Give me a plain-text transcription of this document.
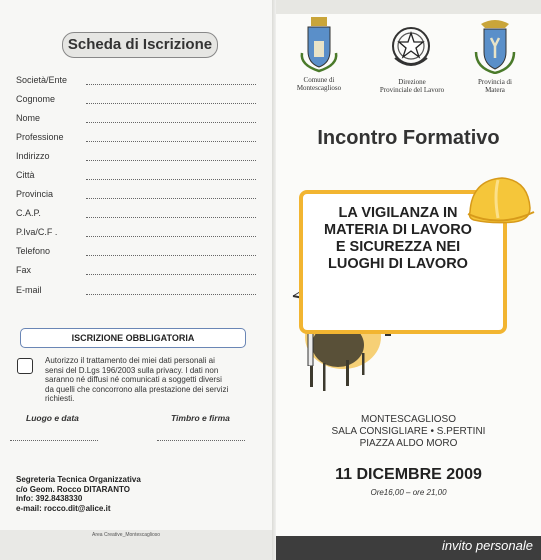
Scheda di Iscrizione
Società/Ente
Cognome
Nome
Professione
Indirizzo
Città
Provincia
C.A.P.
P.Iva/C.F .
Telefono
Fax
E-mail
ISCRIZIONE OBBLIGATORIA
Autorizzo il trattamento dei miei dati personali ai
sensi del D.Lgs 196/2003 sulla privacy. I dati non
saranno né diffusi né comunicati a soggetti diversi
da quelli che concorrono alla prestazione dei servizi
richiesti.
Luogo e data	Timbro e firma
Segreteria Tecnica Organizzativa
c/o Geom. Rocco DITARANTO
Info: 392.8438330
e-mail: rocco.dit@alice.it
Area Creative_Montescaglioso
Comune di
Montescaglioso
Direzione
Provinciale del Lavoro
Provincia di
Matera
Incontro Formativo
LA VIGILANZA IN
MATERIA DI LAVORO
E SICUREZZA NEI
LUOGHI DI LAVORO
MONTESCAGLIOSO
SALA CONSIGLIARE • S.PERTINI
PIAZZA ALDO MORO
11 DICEMBRE 2009
Ore16,00 – ore 21,00
invito personale
